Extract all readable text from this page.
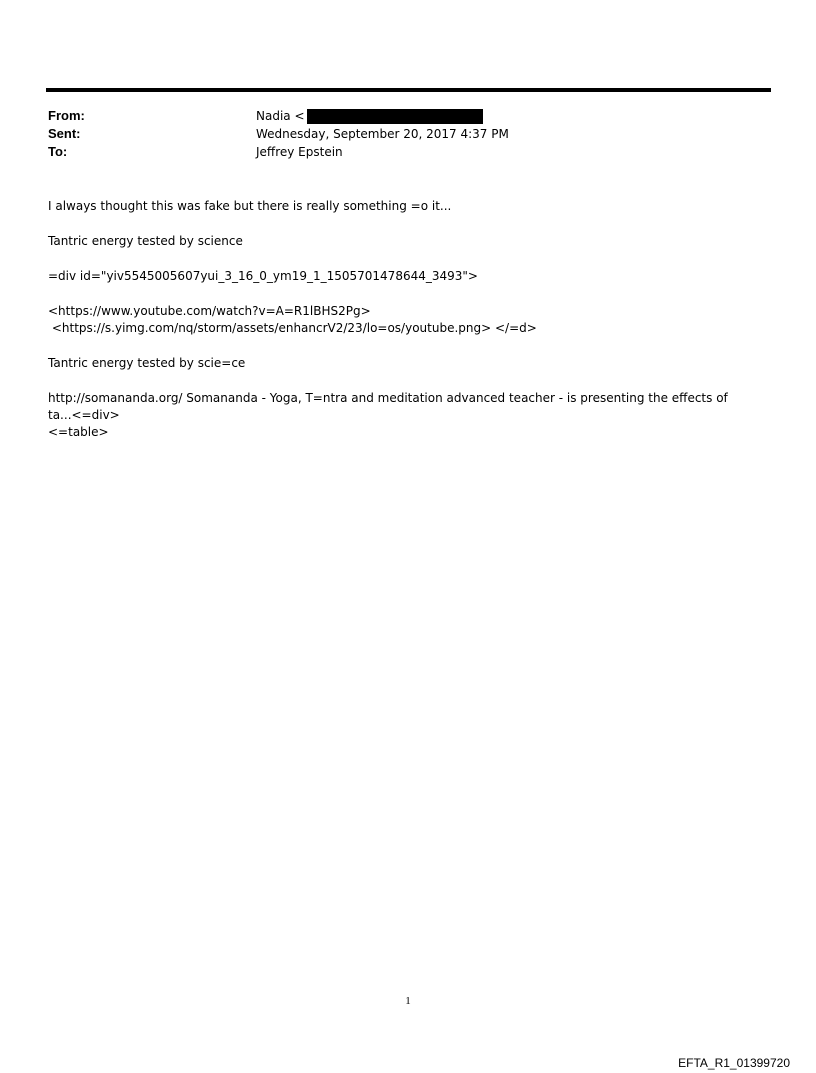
From:	Nadia <
Sent:	Wednesday, September 20, 2017 4:37 PM
To:	Jeffrey Epstein

I always thought this was fake but there is really something =o it...

Tantric energy tested by science

=div id="yiv5545005607yui_3_16_0_ym19_1_1505701478644_3493">

<https://www.youtube.com/watch?v=A=R1lBHS2Pg>

<https://s.yimg.com/nq/storm/assets/enhancrV2/23/lo=os/youtube.png> </=d>

Tantric energy tested by scie=ce

http://somananda.org/ Somananda - Yoga, T=ntra and meditation advanced teacher - is presenting the effects of

ta...<=div>

<=table>

1
EFTA_R1_01399720
